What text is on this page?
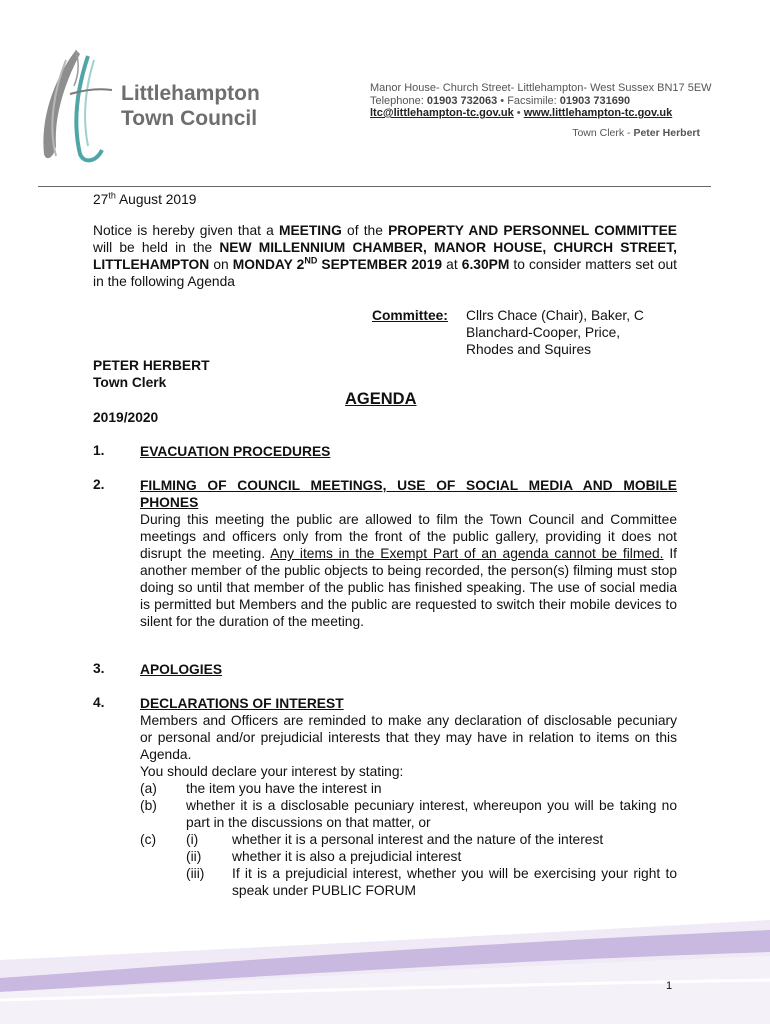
Littlehampton
Town Council
Manor House- Church Street- Littlehampton- West Sussex BN17 5EW
Telephone: 01903 732063 • Facsimile: 01903 731690
ltc@littlehampton-tc.gov.uk • www.littlehampton-tc.gov.uk
Town Clerk - Peter Herbert
27th August 2019
Notice is hereby given that a MEETING of the PROPERTY AND PERSONNEL COMMITTEE will be held in the NEW MILLENNIUM CHAMBER, MANOR HOUSE, CHURCH STREET, LITTLEHAMPTON on MONDAY 2ND SEPTEMBER 2019 at 6.30PM to consider matters set out in the following Agenda
Committee: Cllrs Chace (Chair), Baker, C
Blanchard-Cooper, Price,
Rhodes and Squires
PETER HERBERT
Town Clerk
AGENDA
2019/2020
1.	EVACUATION PROCEDURES
2.	FILMING OF COUNCIL MEETINGS, USE OF SOCIAL MEDIA AND MOBILE PHONES
During this meeting the public are allowed to film the Town Council and Committee meetings and officers only from the front of the public gallery, providing it does not disrupt the meeting. Any items in the Exempt Part of an agenda cannot be filmed. If another member of the public objects to being recorded, the person(s) filming must stop doing so until that member of the public has finished speaking. The use of social media is permitted but Members and the public are requested to switch their mobile devices to silent for the duration of the meeting.
3.	APOLOGIES
4.	DECLARATIONS OF INTEREST
Members and Officers are reminded to make any declaration of disclosable pecuniary or personal and/or prejudicial interests that they may have in relation to items on this Agenda.
You should declare your interest by stating:
(a) the item you have the interest in
(b) whether it is a disclosable pecuniary interest, whereupon you will be taking no part in the discussions on that matter, or
(c) (i) whether it is a personal interest and the nature of the interest
(ii) whether it is also a prejudicial interest
(iii) If it is a prejudicial interest, whether you will be exercising your right to speak under PUBLIC FORUM
1
